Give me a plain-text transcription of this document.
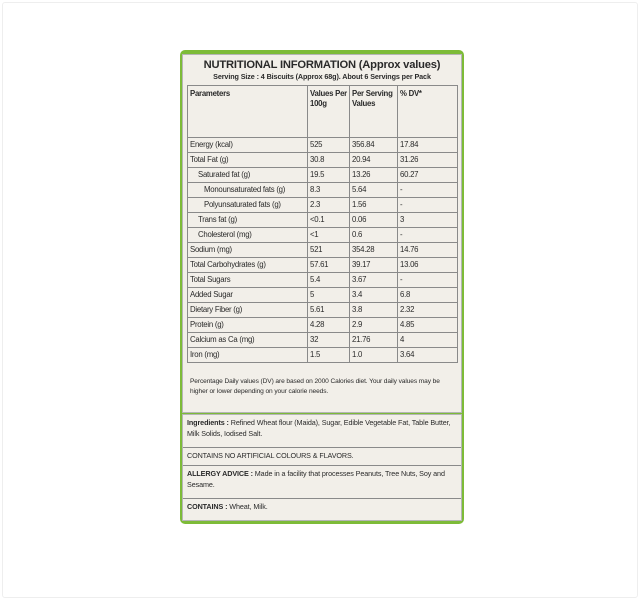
NUTRITIONAL INFORMATION (Approx values)
Serving Size : 4 Biscuits (Approx 68g). About 6 Servings per Pack
Parameters	Values Per 100g	Per Serving Values	% DV*
Energy (kcal)	525	356.84	17.84
Total Fat (g)	30.8	20.94	31.26
Saturated fat (g)	19.5	13.26	60.27
Monounsaturated fats (g)	8.3	5.64	-
Polyunsaturated fats (g)	2.3	1.56	-
Trans fat (g)	<0.1	0.06	3
Cholesterol (mg)	<1	0.6	-
Sodium (mg)	521	354.28	14.76
Total Carbohydrates (g)	57.61	39.17	13.06
Total Sugars	5.4	3.67	-
Added Sugar	5	3.4	6.8
Dietary Fiber (g)	5.61	3.8	2.32
Protein (g)	4.28	2.9	4.85
Calcium as Ca (mg)	32	21.76	4
Iron (mg)	1.5	1.0	3.64
Percentage Daily values (DV) are based on 2000 Calories diet. Your daily values may be higher or lower depending on your calorie needs.
Ingredients : Refined Wheat flour (Maida), Sugar, Edible Vegetable Fat, Table Butter, Milk Solids, Iodised Salt.
CONTAINS NO ARTIFICIAL COLOURS & FLAVORS.
ALLERGY ADVICE : Made in a facility that processes Peanuts, Tree Nuts, Soy and Sesame.
CONTAINS : Wheat, Milk.
